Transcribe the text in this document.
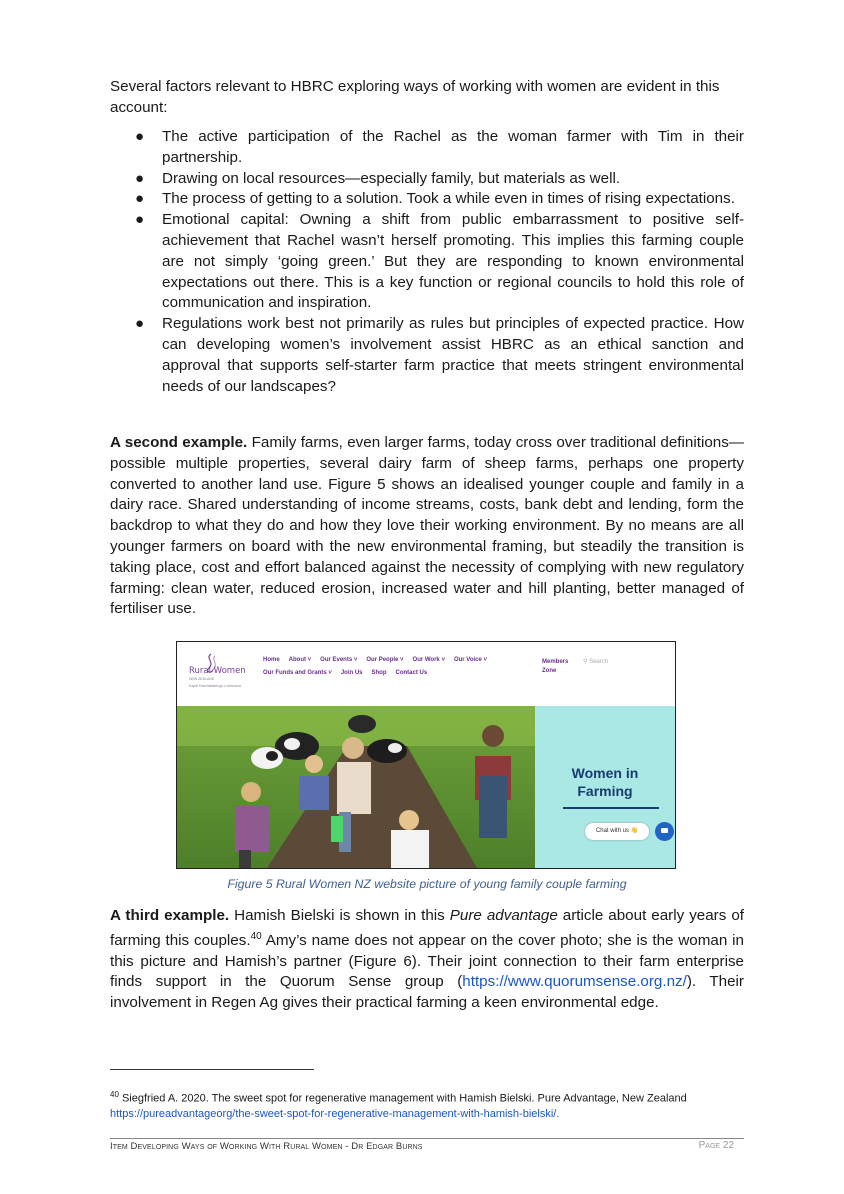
Several factors relevant to HBRC exploring ways of working with women are evident in this account:
● The active participation of the Rachel as the woman farmer with Tim in their partnership.
● Drawing on local resources—especially family, but materials as well.
● The process of getting to a solution. Took a while even in times of rising expectations.
● Emotional capital: Owning a shift from public embarrassment to positive self-achievement that Rachel wasn’t herself promoting. This implies this farming couple are not simply ‘going green.’ But they are responding to known environmental expectations out there. This is a key function or regional councils to hold this role of communication and inspiration.
● Regulations work best not primarily as rules but principles of expected practice. How can developing women’s involvement assist HBRC as an ethical sanction and approval that supports self-starter farm practice that meets stringent environmental needs of our landscapes?
A second example. Family farms, even larger farms, today cross over traditional definitions—possible multiple properties, several dairy farm of sheep farms, perhaps one property converted to another land use. Figure 5 shows an idealised younger couple and family in a dairy race. Shared understanding of income streams, costs, bank debt and lending, form the backdrop to what they do and how they love their working environment. By no means are all younger farmers on board with the new environmental framing, but steadily the transition is taking place, cost and effort balanced against the necessity of complying with new regulatory farming: clean water, reduced erosion, increased water and hill planting, better managed of fertiliser use.
Rural Women
NEW ZEALAND
Kaptē Kaiwhakatōnga o Aotearoa
Home About ˅ Our Events ˅ Our People ˅ Our Work ˅ Our Voice ˅
Our Funds and Grants ˅ Join Us Shop Contact Us
Members
Zone
⚲ Search
Women in
Farming
Chat with us 👋
Figure 5 Rural Women NZ website picture of young family couple farming
A third example. Hamish Bielski is shown in this Pure advantage article about early years of farming this couples.$^{40}$ Amy’s name does not appear on the cover photo; she is the woman in this picture and Hamish’s partner (Figure 6). Their joint connection to their farm enterprise finds support in the Quorum Sense group (https://www.quorumsense.org.nz/). Their involvement in Regen Ag gives their practical farming a keen environmental edge.
$^{40}$ Siegfried A. 2020. The sweet spot for regenerative management with Hamish Bielski. Pure Advantage, New Zealand
https://pureadvantageorg/the-sweet-spot-for-regenerative-management-with-hamish-bielski/.
Item Developing Ways of Working With Rural Women - Dr Edgar Burns	Page 22
